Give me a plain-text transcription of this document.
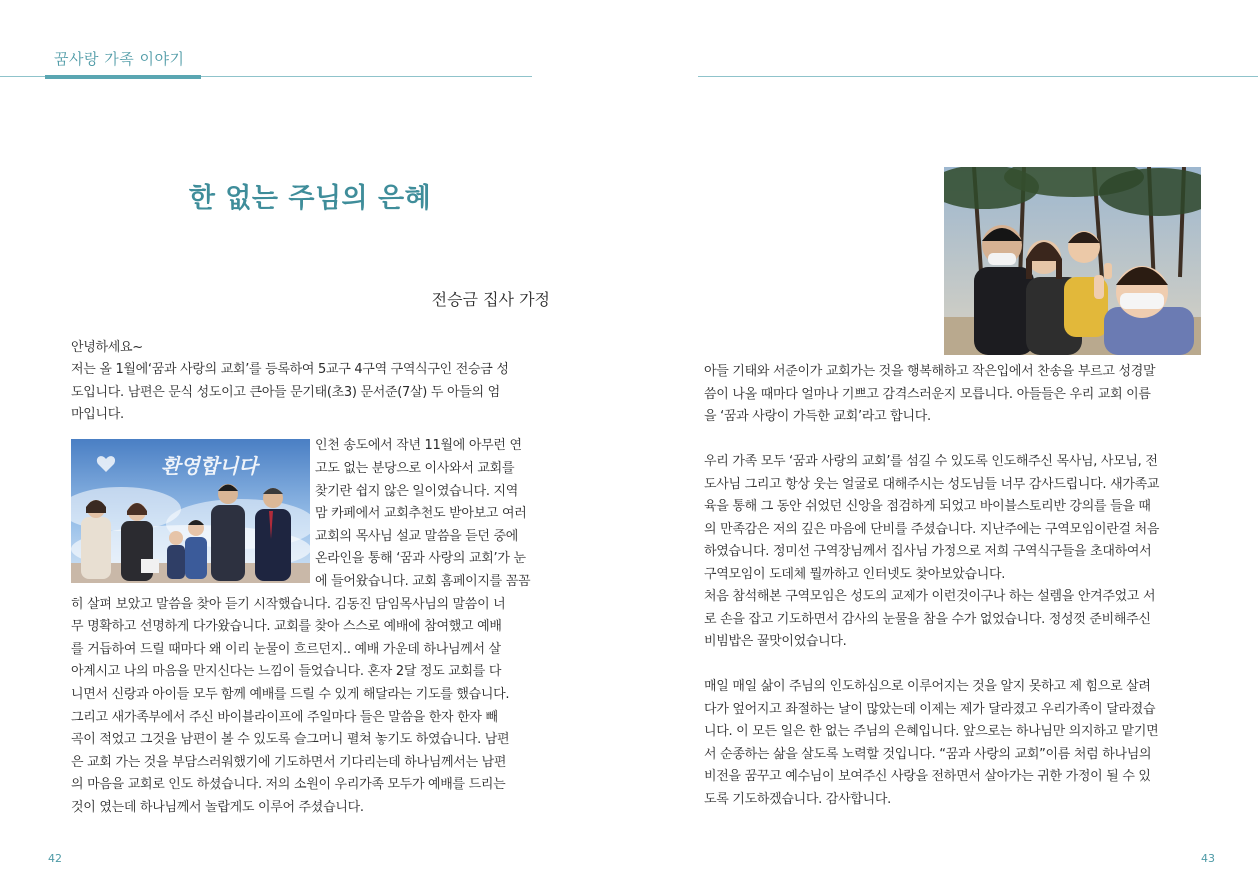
꿈사랑 가족 이야기
한 없는 주님의 은혜
전승금 집사 가정

안녕하세요~

저는 올 1월에‘꿈과 사랑의 교회’를 등록하여 5교구 4구역 구역식구인 전승금 성

도입니다. 남편은 문식 성도이고 큰아들 문기태(초3) 문서준(7살) 두 아들의 엄

마입니다.

환영합니다

인천 송도에서 작년 11월에 아무런 연

고도 없는 분당으로 이사와서 교회를

찾기란 쉽지 않은 일이였습니다. 지역

맘 카페에서 교회추천도 받아보고 여러

교회의 목사님 설교 말씀을 듣던 중에

온라인을 통해 ‘꿈과 사랑의 교회’가 눈

에 들어왔습니다. 교회 홈페이지를 꼼꼼

히 살펴 보았고 말씀을 찾아 듣기 시작했습니다. 김동진 담임목사님의 말씀이 너

무 명확하고 선명하게 다가왔습니다. 교회를 찾아 스스로 예배에 참여했고 예배

를 거듭하여 드릴 때마다 왜 이리 눈물이 흐르던지.. 예배 가운데 하나님께서 살

아계시고 나의 마음을 만지신다는 느낌이 들었습니다. 혼자 2달 정도 교회를 다

니면서 신랑과 아이들 모두 함께 예배를 드릴 수 있게 해달라는 기도를 했습니다.

그리고 새가족부에서 주신 바이블라이프에 주일마다 들은 말씀을 한자 한자 빼

곡이 적었고 그것을 남편이 볼 수 있도록 슬그머니 펼쳐 놓기도 하였습니다. 남편

은 교회 가는 것을 부담스러워했기에 기도하면서 기다리는데 하나님께서는 남편

의 마음을 교회로 인도 하셨습니다. 저의 소원이 우리가족 모두가 예배를 드리는

것이 였는데 하나님께서 놀랍게도 이루어 주셨습니다.

42

아들 기태와 서준이가 교회가는 것을 행복해하고 작은입에서 찬송을 부르고 성경말

씀이 나올 때마다 얼마나 기쁘고 감격스러운지 모릅니다. 아들들은 우리 교회 이름

을 ‘꿈과 사랑이 가득한 교회’라고 합니다.

우리 가족 모두 ‘꿈과 사랑의 교회’를 섬길 수 있도록 인도해주신 목사님, 사모님, 전

도사님 그리고 항상 웃는 얼굴로 대해주시는 성도님들 너무 감사드립니다. 새가족교

육을 통해 그 동안 쉬었던 신앙을 점검하게 되었고 바이블스토리반 강의를 들을 때

의 만족감은 저의 깊은 마음에 단비를 주셨습니다. 지난주에는 구역모임이란걸 처음

하였습니다. 정미선 구역장님께서 집사님 가정으로 저희 구역식구들을 초대하여서

구역모임이 도데체 뭘까하고 인터넷도 찾아보았습니다.

처음 참석해본 구역모임은 성도의 교제가 이런것이구나 하는 설렘을 안겨주었고 서

로 손을 잡고 기도하면서 감사의 눈물을 참을 수가 없었습니다. 정성껏 준비해주신

비빔밥은 꿀맛이었습니다.

매일 매일 삶이 주님의 인도하심으로 이루어지는 것을 알지 못하고 제 힘으로 살려

다가 엎어지고 좌절하는 날이 많았는데 이제는 제가 달라졌고 우리가족이 달라졌습

니다. 이 모든 일은 한 없는 주님의 은혜입니다. 앞으로는 하나님만 의지하고 맡기면

서 순종하는 삶을 살도록 노력할 것입니다. “꿈과 사랑의 교회”이름 처럼 하나님의

비전을 꿈꾸고 예수님이 보여주신 사랑을 전하면서 살아가는 귀한 가정이 될 수 있

도록 기도하겠습니다. 감사합니다.

43
